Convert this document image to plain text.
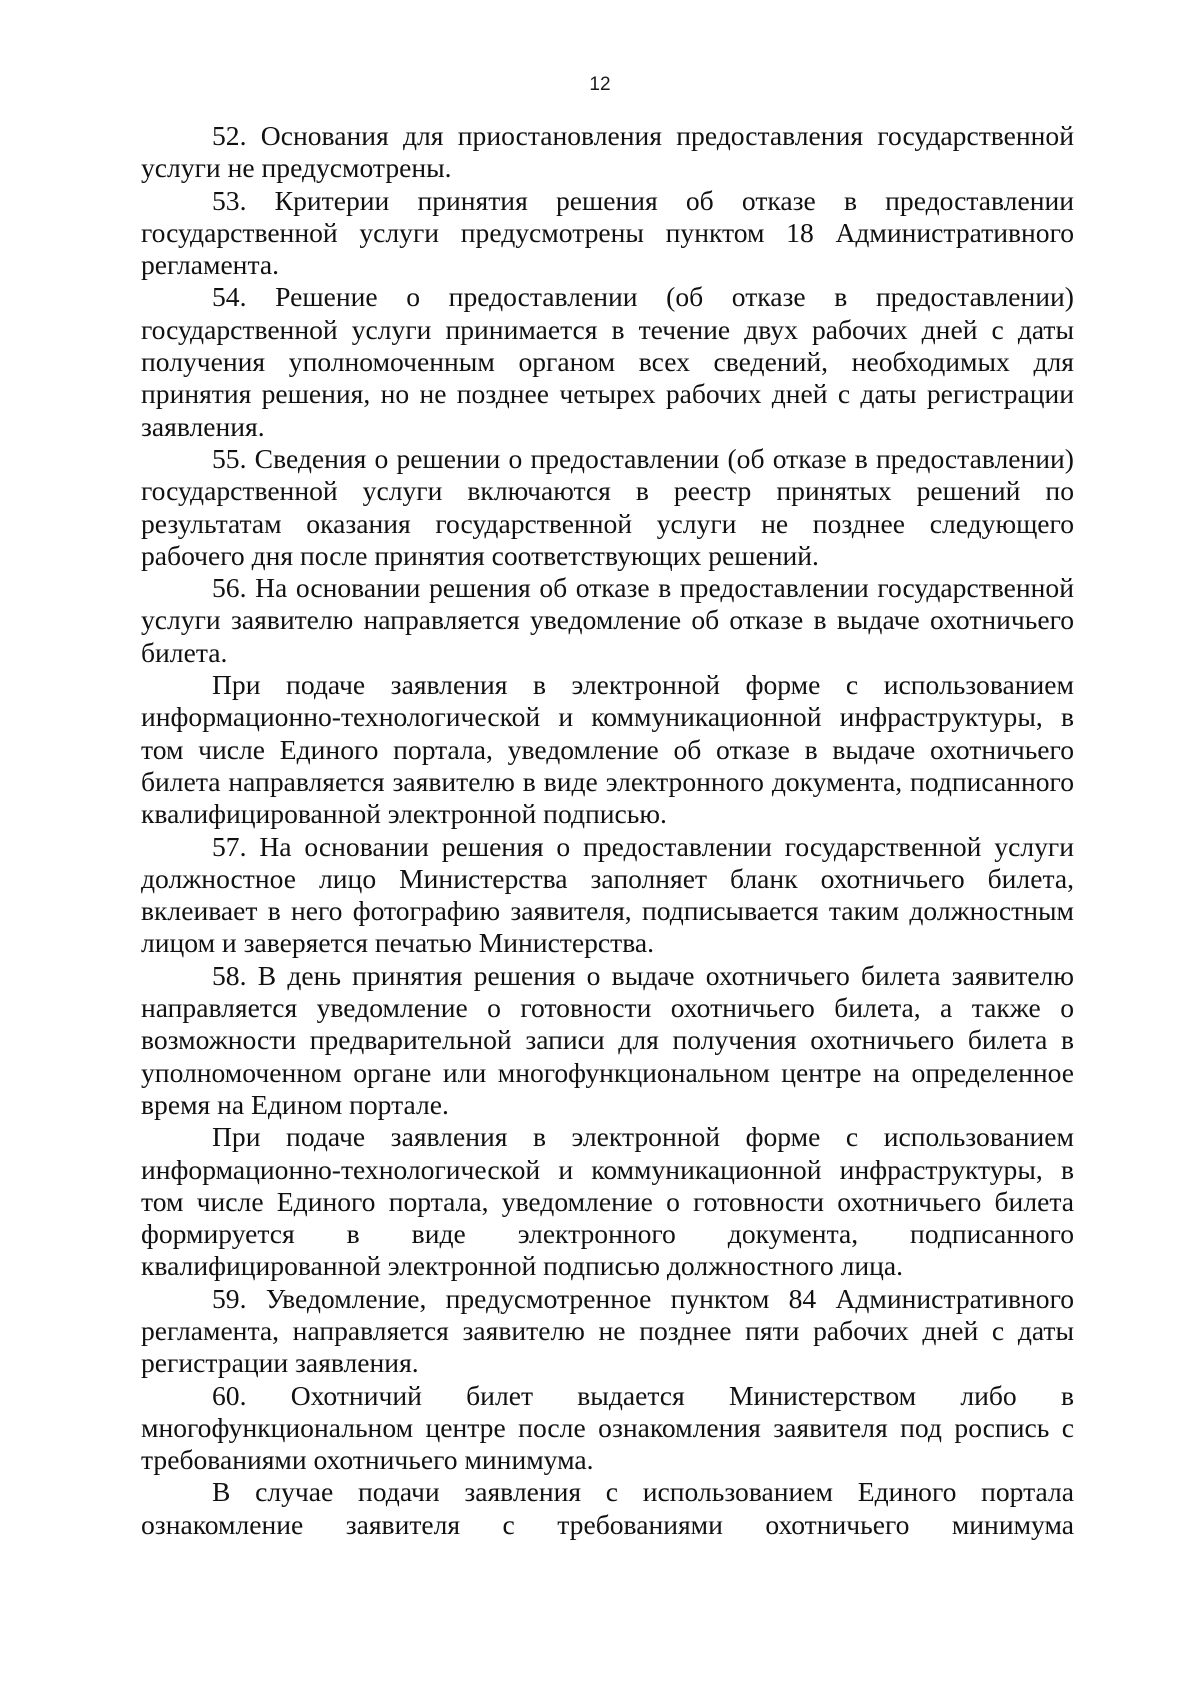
12

52. Основания для приостановления предоставления государственной услуги не предусмотрены.

53. Критерии принятия решения об отказе в предоставлении государственной услуги предусмотрены пунктом 18 Административного регламента.

54. Решение о предоставлении (об отказе в предоставлении) государственной услуги принимается в течение двух рабочих дней с даты получения уполномоченным органом всех сведений, необходимых для принятия решения, но не позднее четырех рабочих дней с даты регистрации заявления.

55. Сведения о решении о предоставлении (об отказе в предоставлении) государственной услуги включаются в реестр принятых решений по результатам оказания государственной услуги не позднее следующего рабочего дня после принятия соответствующих решений.

56. На основании решения об отказе в предоставлении государственной услуги заявителю направляется уведомление об отказе в выдаче охотничьего билета.

При подаче заявления в электронной форме с использованием информационно-технологической и коммуникационной инфраструктуры, в том числе Единого портала, уведомление об отказе в выдаче охотничьего билета направляется заявителю в виде электронного документа, подписанного квалифицированной электронной подписью.

57. На основании решения о предоставлении государственной услуги должностное лицо Министерства заполняет бланк охотничьего билета, вклеивает в него фотографию заявителя, подписывается таким должностным лицом и заверяется печатью Министерства.

58. В день принятия решения о выдаче охотничьего билета заявителю направляется уведомление о готовности охотничьего билета, а также о возможности предварительной записи для получения охотничьего билета в уполномоченном органе или многофункциональном центре на определенное время на Едином портале.

При подаче заявления в электронной форме с использованием информационно-технологической и коммуникационной инфраструктуры, в том числе Единого портала, уведомление о готовности охотничьего билета формируется в виде электронного документа, подписанного квалифицированной электронной подписью должностного лица.

59. Уведомление, предусмотренное пунктом 84 Административного регламента, направляется заявителю не позднее пяти рабочих дней с даты регистрации заявления.

60. Охотничий билет выдается Министерством либо в многофункциональном центре после ознакомления заявителя под роспись с требованиями охотничьего минимума.

В случае подачи заявления с использованием Единого портала ознакомление заявителя с требованиями охотничьего минимума
